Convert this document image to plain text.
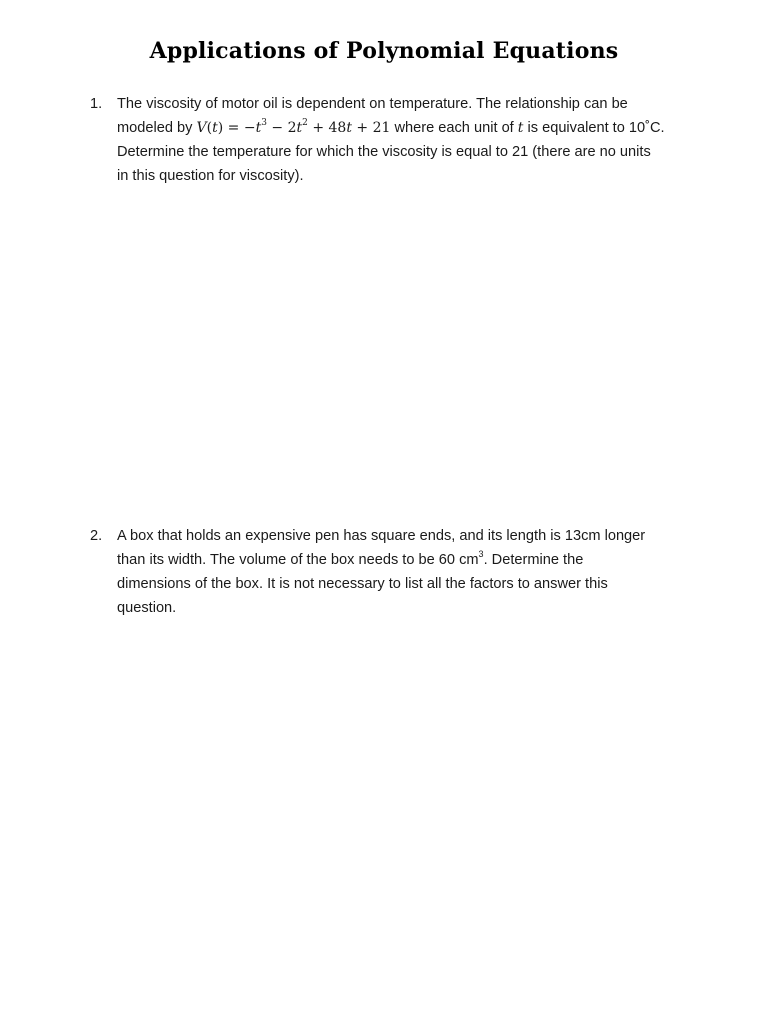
Applications of Polynomial Equations
1.	The viscosity of motor oil is dependent on temperature. The relationship can be
modeled by $V(t) = -t^3 - 2t^2 + 48t + 21$ where each unit of t is equivalent to 10˚C.
Determine the temperature for which the viscosity is equal to 21 (there are no units
in this question for viscosity).
2.	A box that holds an expensive pen has square ends, and its length is 13cm longer
than its width. The volume of the box needs to be 60 $cm^3$. Determine the
dimensions of the box. It is not necessary to list all the factors to answer this
question.
